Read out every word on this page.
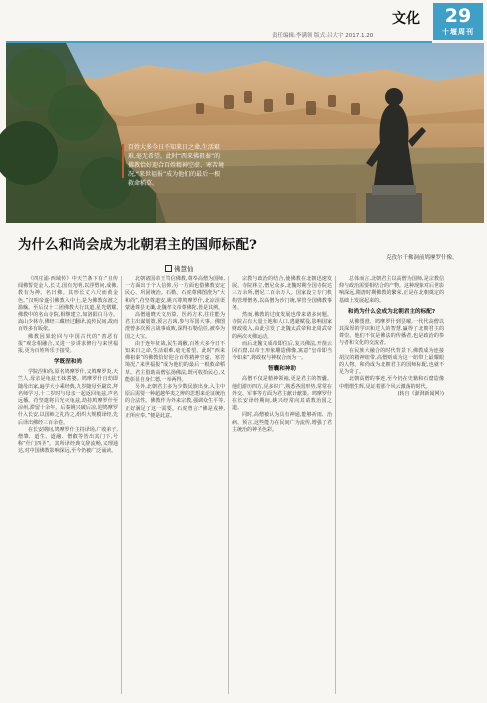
文化
责任编辑:李满领 版式:吕大宇 2017.1.20
29
十堰周刊
百姓大多今日不知来日之命,生活艰难,毫无希望。此时“西来佛祖秦”的佛教恰好迎合百姓精神空虚、寒苦境况,“来世福报”成为他们的最后一根救命稻草。
克孜尔千佛洞前鸠摩罗什像。
为什么和尚会成为北朝君主的国师标配?
佛慧仙

《四庄浦·西域传》中天竺条下有:“且传闻佛誓觉金人,长丈,国有光明,以浮塑问,成佛,教有为神。名曰佛。其形长丈六尺而黄金色。”汉明帝遂引佛教入中土,是为佛教东渡之滥觞。至后汉十二团佛教大行其道,星光熠耀,佛教中的名山寺院,相继建立,如洛阳白马寺。嵩山少林寺,佛经三藏经过翻译,流传民间,故而百姓多有皈依。

佛教因果轮回与中国古代的“善恶有报”观念相融合,又进一步讲求修行与来世福报,更为百姓所乐于接受。

学既涅和尚

学院涅和尚,原名鸠摩罗什,父鸠摩罗炎,天竺人,母亲是龟兹王妹耆婆。鸠摩罗什自幼即随母出家,遍学大小乘经典,九岁随母至罽宾,拜名师学习,十二岁时与母亲一起返回龟兹,声名远播。苻坚遣将吕光灭龟兹,劫持鸠摩罗什至凉州,滞留十余年。后秦姚兴破后凉,迎鸠摩罗什入长安,以国师之礼待之,组织大规模译经,先后译出佛经三百余卷。

在长安期间,鸠摩罗什主持译场,广收弟子,僧肇、道生、道融、僧叡等皆出其门下,号称“什门四圣”。其所译经典文辞流畅,义理通达,对中国佛教影响深远,至今仍被广泛诵读。

北朝诸国帝王笃信佛教,尊奉高僧为国师,一方面出于个人信仰,另一方面也借佛教安定民心、巩固统治。石勒、石虎尊佛图澄为“大和尚”,苻坚尊道安,姚兴尊鸠摩罗什,北凉沮渠蒙逊尊昙无谶,北魏孝文帝尊佛陀,皆是其例。

高僧通晓天文历算、医药方术,往往能为君主出谋划策,预言吉凶,参与军国大事。佛图澄曾多次预言战事成败,深得石勒信任,被奉为国之大宝。

由于连年征战,民生凋敝,百姓大多今日不知来日之命,生活艰难,毫无希望。此时“西来佛祖秦”的佛教恰好迎合百姓精神空虚、寒苦境况,“来世福报”成为他们的最后一根救命稻草。君主借助高僧弘扬佛法,既可收拾民心,又能彰显自身仁德,一举两得。

另外,北朝君主多为少数民族出身,入主中原后需要一种超越华夷之辨的思想来论证统治的合法性。佛教作为外来宗教,强调众生平等,正好满足了这一需要。石虎曾言:“佛是戎神,正所应奉。”便是此意。

宗教与政治的结合,使佛教在北朝迅速发展。寺院林立,僧尼众多,北魏时期全国寺院达三万余所,僧尼二百余万人。国家设立专门机构管理僧务,以高僧为沙门统,掌管全国佛教事务。

然而,佛教的过度发展也带来诸多问题。寺院占有大量土地和人口,逃避赋役,影响国家财政收入,由此引发了北魏太武帝和北周武帝的两次灭佛运动。

而后北魏文成帝即位后,复兴佛法,开凿云冈石窟,以帝王形象雕造佛像,寓意“皇帝即当今如来”,将政权与神权合而为一。

智囊和神助

高僧不仅是精神领袖,更是君主的智囊。他们游历四方,见多识广,熟悉各国形势,常常在外交、军事等方面为君主献计献策。鸠摩罗什在长安译经期间,姚兴经常向其请教治国之道。

同时,高僧被认为具有神通,能够祈雨、治病、预言,这些能力在民间广为流传,增强了君主统治的神圣色彩。

总体而言,北朝君主以高僧为国师,是宗教信仰与政治需要相结合的产物。这种现象对后世影响深远,隋唐时期佛教的繁荣,正是在北朝奠定的基础上发展起来的。

和尚为什么会成为北朝君主的标配?

从佛图澄、鸠摩罗什到昙曜,一代代高僧以其深厚的学识和过人的智慧,赢得了北朝君主的尊崇。他们不仅是佛法的传播者,也是政治的参与者和文化的交流者。

在民族大融合的时代背景下,佛教成为连接胡汉的精神纽带,高僧则成为这一纽带上最耀眼的人物。和尚成为北朝君主的国师标配,也就不足为奇了。

北朝高僧的事迹,至今仍在史籍和石窟造像中熠熠生辉,见证着那个风云激荡的时代。

(转自《澎湃新闻网》)
